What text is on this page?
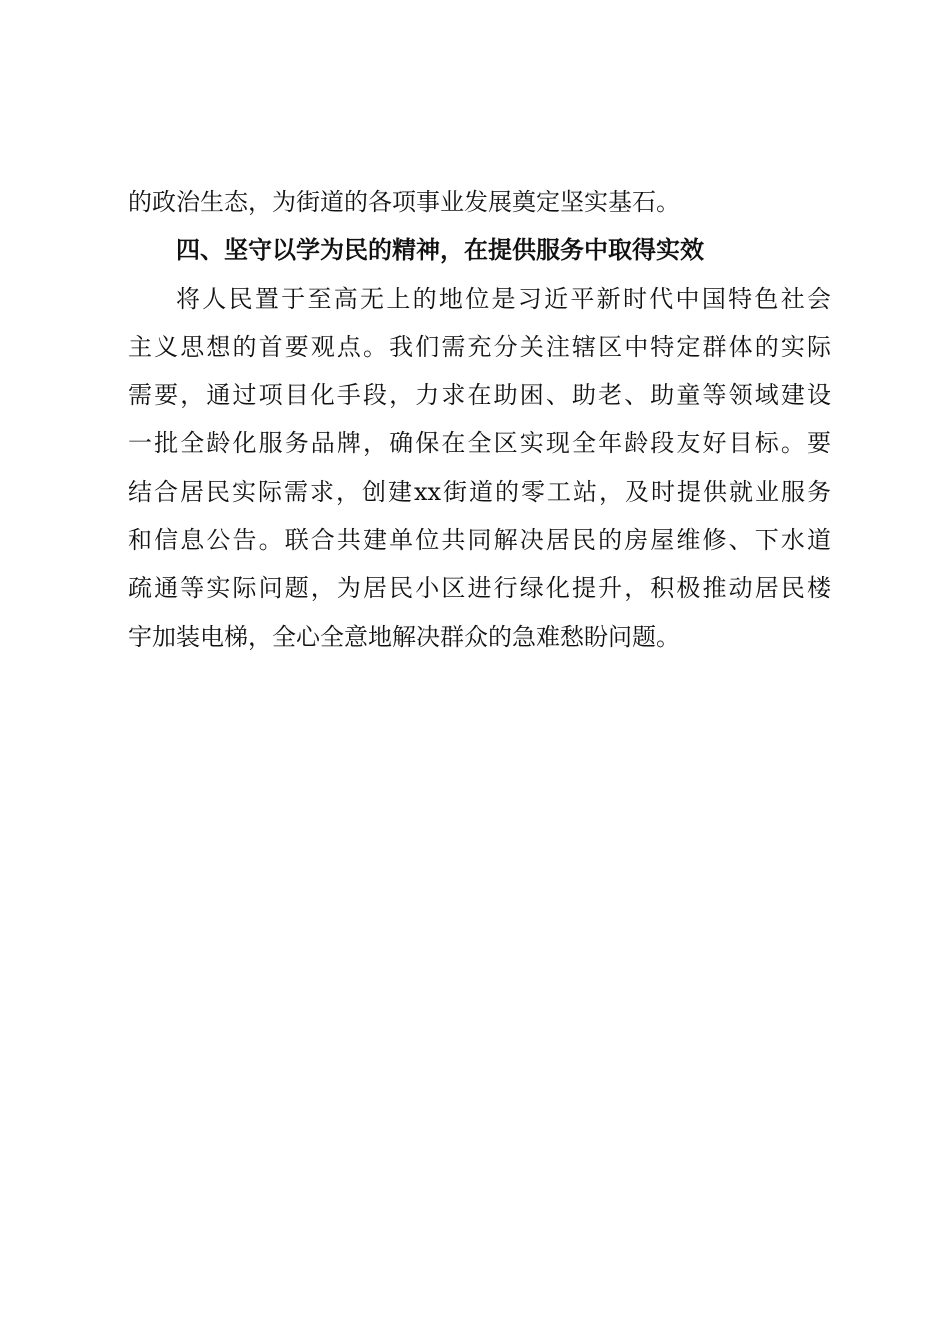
的政治生态，为街道的各项事业发展奠定坚实基石。
四、坚守以学为民的精神，在提供服务中取得实效
将人民置于至高无上的地位是习近平新时代中国特色社会
主义思想的首要观点。我们需充分关注辖区中特定群体的实际
需要，通过项目化手段，力求在助困、助老、助童等领域建设
一批全龄化服务品牌，确保在全区实现全年龄段友好目标。要
结合居民实际需求，创建xx街道的零工站，及时提供就业服务
和信息公告。联合共建单位共同解决居民的房屋维修、下水道
疏通等实际问题，为居民小区进行绿化提升，积极推动居民楼
宇加装电梯，全心全意地解决群众的急难愁盼问题。
